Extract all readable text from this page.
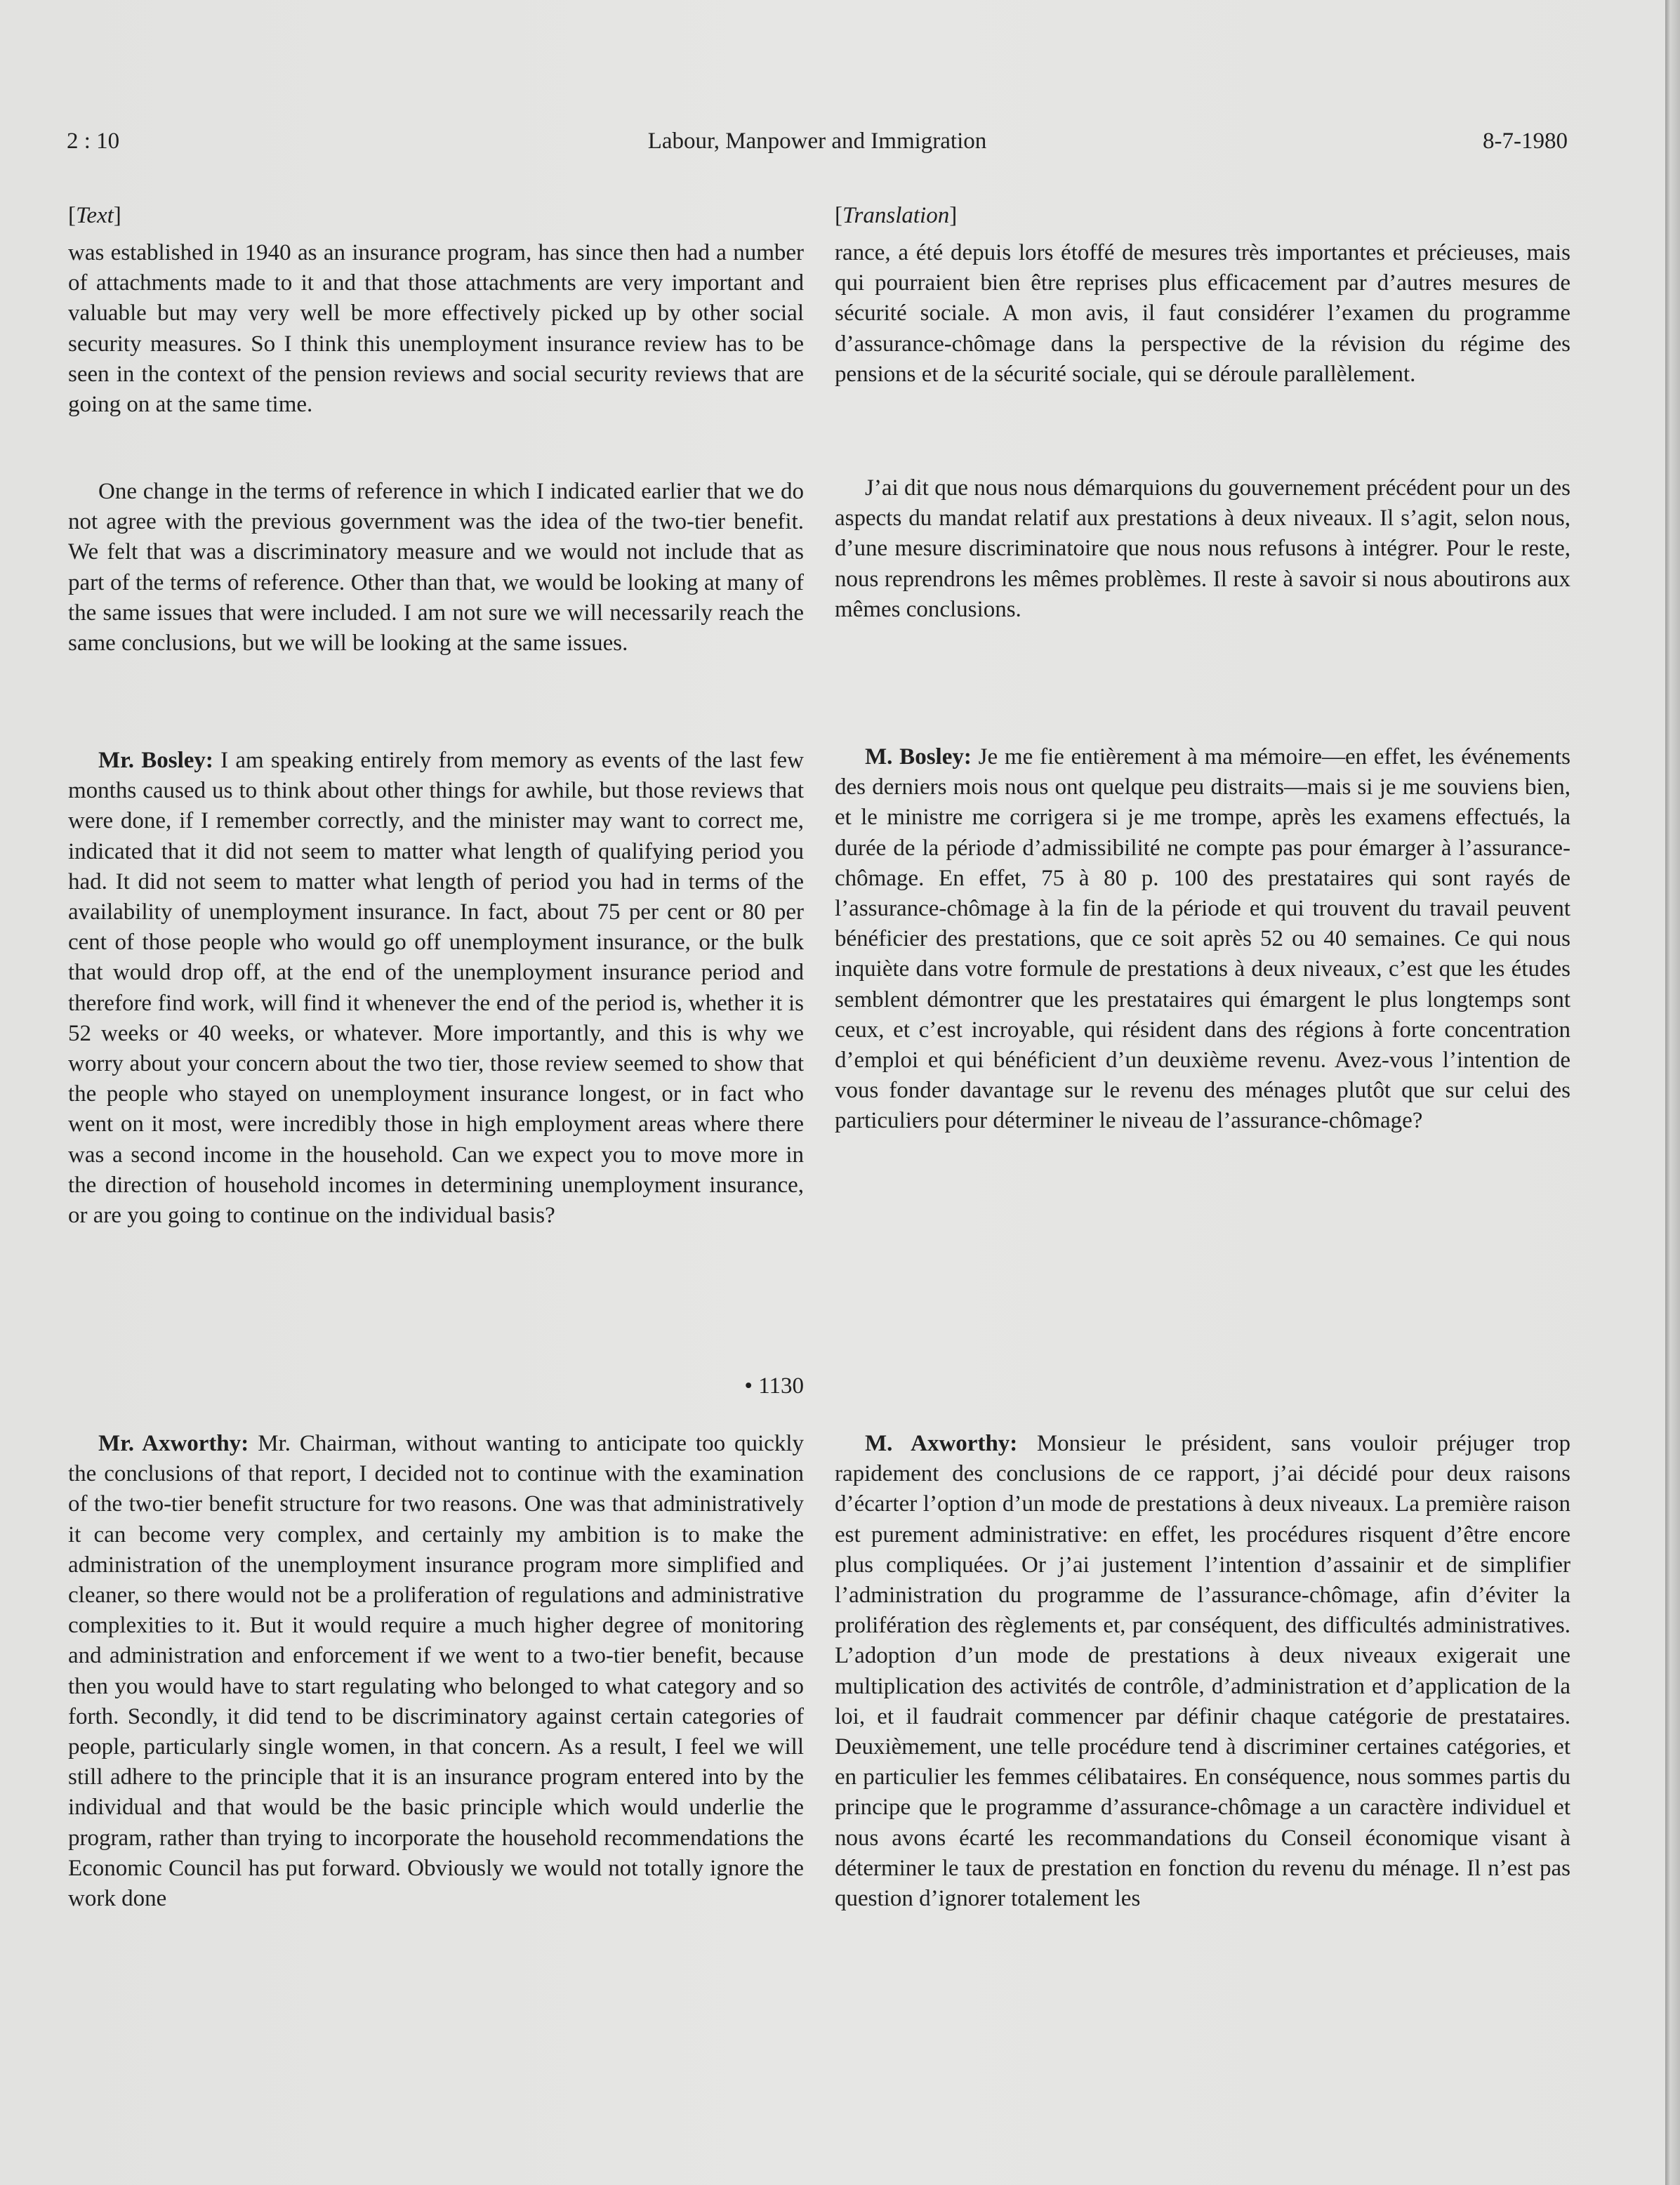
2 : 10	Labour, Manpower and Immigration	8-7-1980
[Text]

was established in 1940 as an insurance program, has since then had a number of attachments made to it and that those attachments are very important and valuable but may very well be more effectively picked up by other social security measures. So I think this unemployment insurance review has to be seen in the context of the pension reviews and social security reviews that are going on at the same time.

One change in the terms of reference in which I indicated earlier that we do not agree with the previous government was the idea of the two-tier benefit. We felt that was a discriminatory measure and we would not include that as part of the terms of reference. Other than that, we would be looking at many of the same issues that were included. I am not sure we will necessarily reach the same conclusions, but we will be looking at the same issues.

Mr. Bosley: I am speaking entirely from memory as events of the last few months caused us to think about other things for awhile, but those reviews that were done, if I remember correctly, and the minister may want to correct me, indicated that it did not seem to matter what length of qualifying period you had. It did not seem to matter what length of period you had in terms of the availability of unemployment insurance. In fact, about 75 per cent or 80 per cent of those people who would go off unemployment insurance, or the bulk that would drop off, at the end of the unemployment insurance period and therefore find work, will find it whenever the end of the period is, whether it is 52 weeks or 40 weeks, or whatever. More importantly, and this is why we worry about your concern about the two tier, those review seemed to show that the people who stayed on unemployment insurance longest, or in fact who went on it most, were incredibly those in high employment areas where there was a second income in the household. Can we expect you to move more in the direction of household incomes in determining unemployment insurance, or are you going to continue on the individual basis?

• 1130

Mr. Axworthy: Mr. Chairman, without wanting to anticipate too quickly the conclusions of that report, I decided not to continue with the examination of the two-tier benefit structure for two reasons. One was that administratively it can become very complex, and certainly my ambition is to make the administration of the unemployment insurance program more simplified and cleaner, so there would not be a proliferation of regulations and administrative complexities to it. But it would require a much higher degree of monitoring and administration and enforcement if we went to a two-tier benefit, because then you would have to start regulating who belonged to what category and so forth. Secondly, it did tend to be discriminatory against certain categories of people, particularly single women, in that concern. As a result, I feel we will still adhere to the principle that it is an insurance program entered into by the individual and that would be the basic principle which would underlie the program, rather than trying to incorporate the household recommendations the Economic Council has put forward. Obviously we would not totally ignore the work done

[Translation]

rance, a été depuis lors étoffé de mesures très importantes et précieuses, mais qui pourraient bien être reprises plus efficacement par d’autres mesures de sécurité sociale. A mon avis, il faut considérer l’examen du programme d’assurance-chômage dans la perspective de la révision du régime des pensions et de la sécurité sociale, qui se déroule parallèlement.

J’ai dit que nous nous démarquions du gouvernement précédent pour un des aspects du mandat relatif aux prestations à deux niveaux. Il s’agit, selon nous, d’une mesure discriminatoire que nous nous refusons à intégrer. Pour le reste, nous reprendrons les mêmes problèmes. Il reste à savoir si nous aboutirons aux mêmes conclusions.

M. Bosley: Je me fie entièrement à ma mémoire—en effet, les événements des derniers mois nous ont quelque peu distraits—mais si je me souviens bien, et le ministre me corrigera si je me trompe, après les examens effectués, la durée de la période d’admissibilité ne compte pas pour émarger à l’assurance-chômage. En effet, 75 à 80 p. 100 des prestataires qui sont rayés de l’assurance-chômage à la fin de la période et qui trouvent du travail peuvent bénéficier des prestations, que ce soit après 52 ou 40 semaines. Ce qui nous inquiète dans votre formule de prestations à deux niveaux, c’est que les études semblent démontrer que les prestataires qui émargent le plus longtemps sont ceux, et c’est incroyable, qui résident dans des régions à forte concentration d’emploi et qui bénéficient d’un deuxième revenu. Avez-vous l’intention de vous fonder davantage sur le revenu des ménages plutôt que sur celui des particuliers pour déterminer le niveau de l’assurance-chômage?

M. Axworthy: Monsieur le président, sans vouloir préjuger trop rapidement des conclusions de ce rapport, j’ai décidé pour deux raisons d’écarter l’option d’un mode de prestations à deux niveaux. La première raison est purement administrative: en effet, les procédures risquent d’être encore plus compliquées. Or j’ai justement l’intention d’assainir et de simplifier l’administration du programme de l’assurance-chômage, afin d’éviter la prolifération des règlements et, par conséquent, des difficultés administratives. L’adoption d’un mode de prestations à deux niveaux exigerait une multiplication des activités de contrôle, d’administration et d’application de la loi, et il faudrait commencer par définir chaque catégorie de prestataires. Deuxièmement, une telle procédure tend à discriminer certaines catégories, et en particulier les femmes célibataires. En conséquence, nous sommes partis du principe que le programme d’assurance-chômage a un caractère individuel et nous avons écarté les recommandations du Conseil économique visant à déterminer le taux de prestation en fonction du revenu du ménage. Il n’est pas question d’ignorer totalement les
